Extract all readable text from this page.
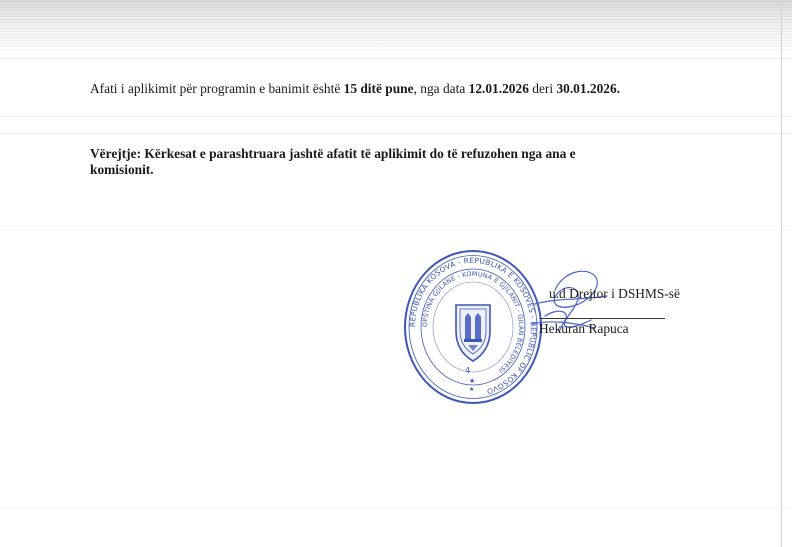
Afati i aplikimit për programin e banimit është 15 ditë pune, nga data 12.01.2026 deri 30.01.2026.
Vërejtje: Kërkesat e parashtruara jashtë afatit të aplikimit do të refuzohen nga ana e
komisionit.
REPUBLIKA KOSOVA - REPUBLIKA E KOSOVËS - REPUBLIC OF KOSOVO
OPŠTINA GJILANE - KOMUNA E GJILANIT - GILAN BELEDIYESI
4
★
★
u.d Drejtor i DSHMS-së
Hekuran Rapuca
